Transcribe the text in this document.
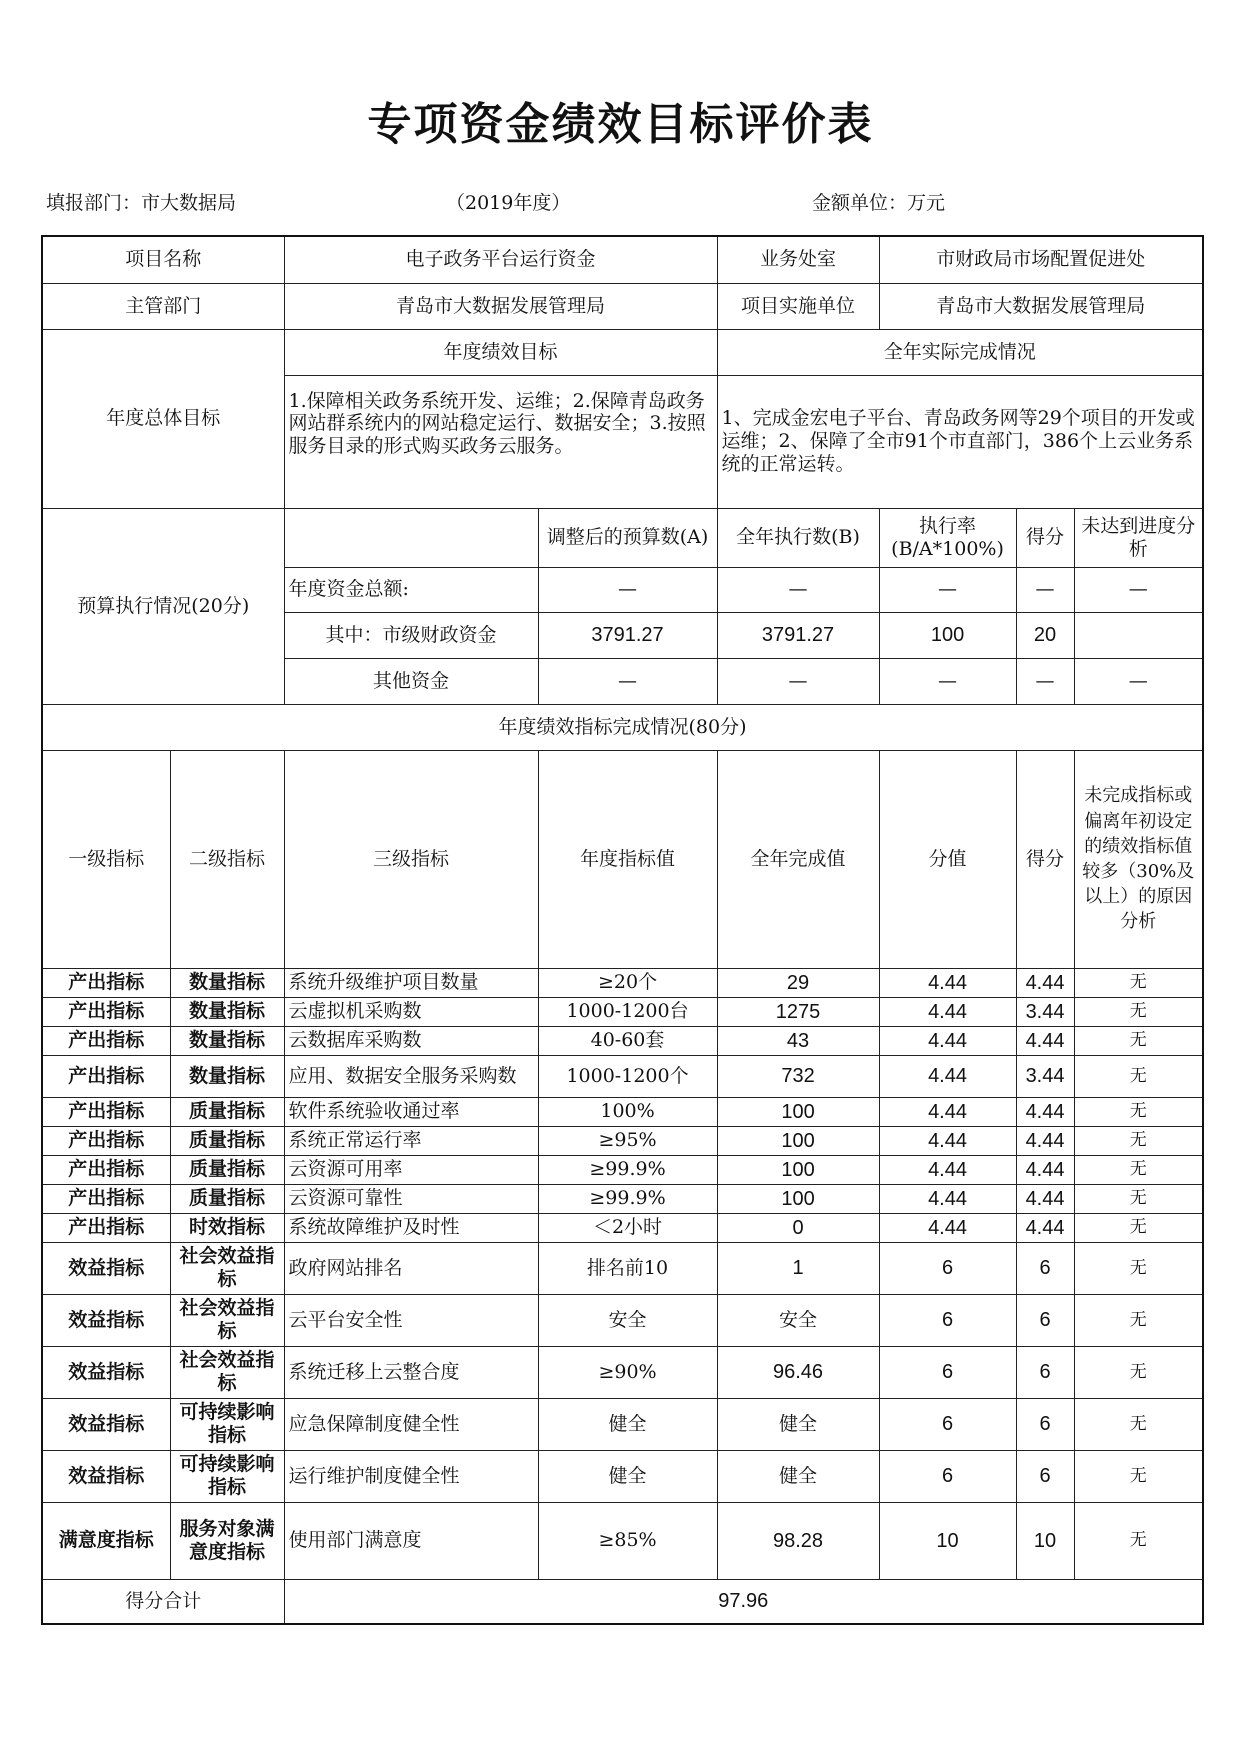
专项资金绩效目标评价表
填报部门：市大数据局	（2019年度）	金额单位：万元
项目名称		电子政务平台运行资金		业务处室	市财政局市场配置促进处		
主管部门		青岛市大数据发展管理局		项目实施单位	青岛市大数据发展管理局		
年度总体目标		年度绩效目标		全年实际完成情况			
		1.保障相关政务系统开发、运维；2.保障青岛政务网站群系统内的网站稳定运行、数据安全；3.按照服务目录的形式购买政务云服务。		1、完成金宏电子平台、青岛政务网等29个项目的开发或运维；2、保障了全市91个市直部门，386个上云业务系统的正常运转。			
预算执行情况(20分)			调整后的预算数(A)	全年执行数(B)	执行率(B/A*100%)	得分	未达到进度分析
		年度资金总额:	—	—	—	—	—
		其中：市级财政资金	3791.27	3791.27	100	20	
		其他资金	—	—	—	—	—
年度绩效指标完成情况(80分)							
一级指标	二级指标	三级指标	年度指标值	全年完成值	分值	得分	未完成指标或偏离年初设定的绩效指标值较多（30%及以上）的原因分析
产出指标	数量指标	系统升级维护项目数量	≥20个	29	4.44	4.44	无
产出指标	数量指标	云虚拟机采购数	1000-1200台	1275	4.44	3.44	无
产出指标	数量指标	云数据库采购数	40-60套	43	4.44	4.44	无
产出指标	数量指标	应用、数据安全服务采购数	1000-1200个	732	4.44	3.44	无
产出指标	质量指标	软件系统验收通过率	100%	100	4.44	4.44	无
产出指标	质量指标	系统正常运行率	≥95%	100	4.44	4.44	无
产出指标	质量指标	云资源可用率	≥99.9%	100	4.44	4.44	无
产出指标	质量指标	云资源可靠性	≥99.9%	100	4.44	4.44	无
产出指标	时效指标	系统故障维护及时性	＜2小时	0	4.44	4.44	无
效益指标	社会效益指标	政府网站排名	排名前10	1	6	6	无
效益指标	社会效益指标	云平台安全性	安全	安全	6	6	无
效益指标	社会效益指标	系统迁移上云整合度	≥90%	96.46	6	6	无
效益指标	可持续影响指标	应急保障制度健全性	健全	健全	6	6	无
效益指标	可持续影响指标	运行维护制度健全性	健全	健全	6	6	无
满意度指标	服务对象满意度指标	使用部门满意度	≥85%	98.28	10	10	无
得分合计		97.96					
